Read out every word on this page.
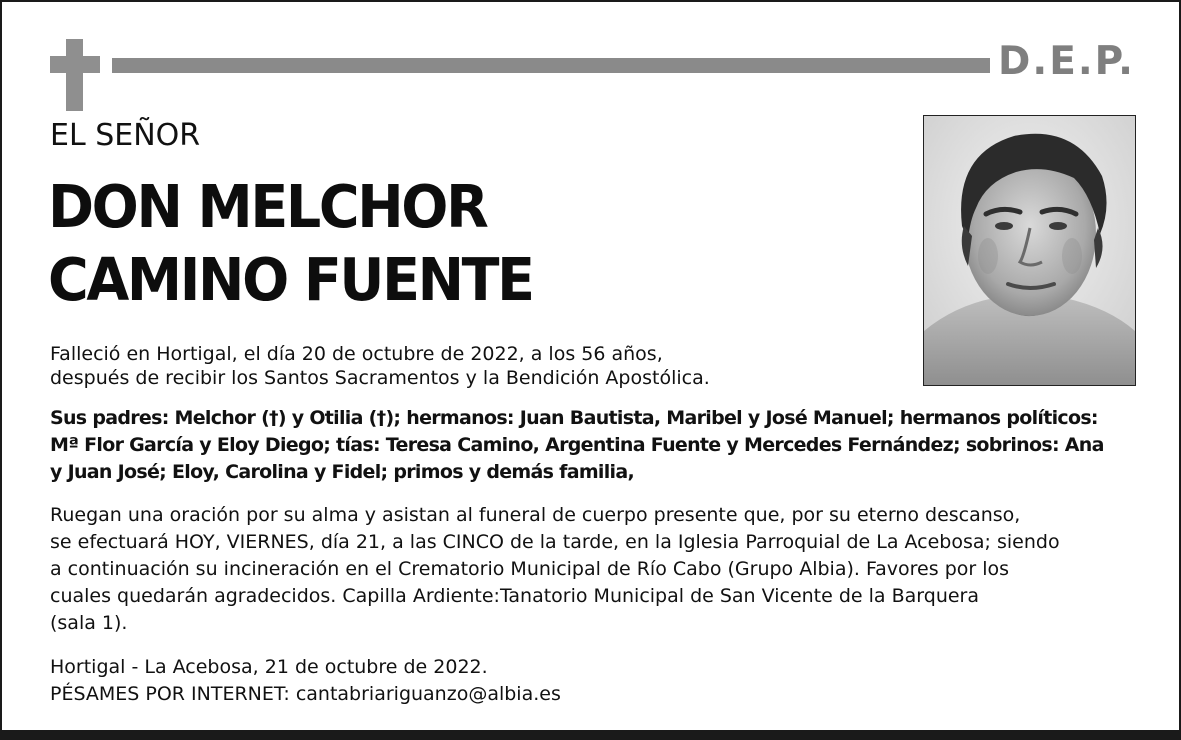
D.E.P.
EL SEÑOR
DON MELCHOR
CAMINO FUENTE
Falleció en Hortigal, el día 20 de octubre de 2022, a los 56 años,
después de recibir los Santos Sacramentos y la Bendición Apostólica.
Sus padres: Melchor (†) y Otilia (†); hermanos: Juan Bautista, Maribel y José Manuel; hermanos políticos:
Mª Flor García y Eloy Diego; tías: Teresa Camino, Argentina Fuente y Mercedes Fernández; sobrinos: Ana
y Juan José; Eloy, Carolina y Fidel; primos y demás familia,
Ruegan una oración por su alma y asistan al funeral de cuerpo presente que, por su eterno descanso,
se efectuará HOY, VIERNES, día 21, a las CINCO de la tarde, en la Iglesia Parroquial de La Acebosa; siendo
a continuación su incineración en el Crematorio Municipal de Río Cabo (Grupo Albia). Favores por los
cuales quedarán agradecidos. Capilla Ardiente:Tanatorio Municipal de San Vicente de la Barquera
(sala 1).
Hortigal - La Acebosa, 21 de octubre de 2022.
PÉSAMES POR INTERNET: cantabriariguanzo@albia.es
